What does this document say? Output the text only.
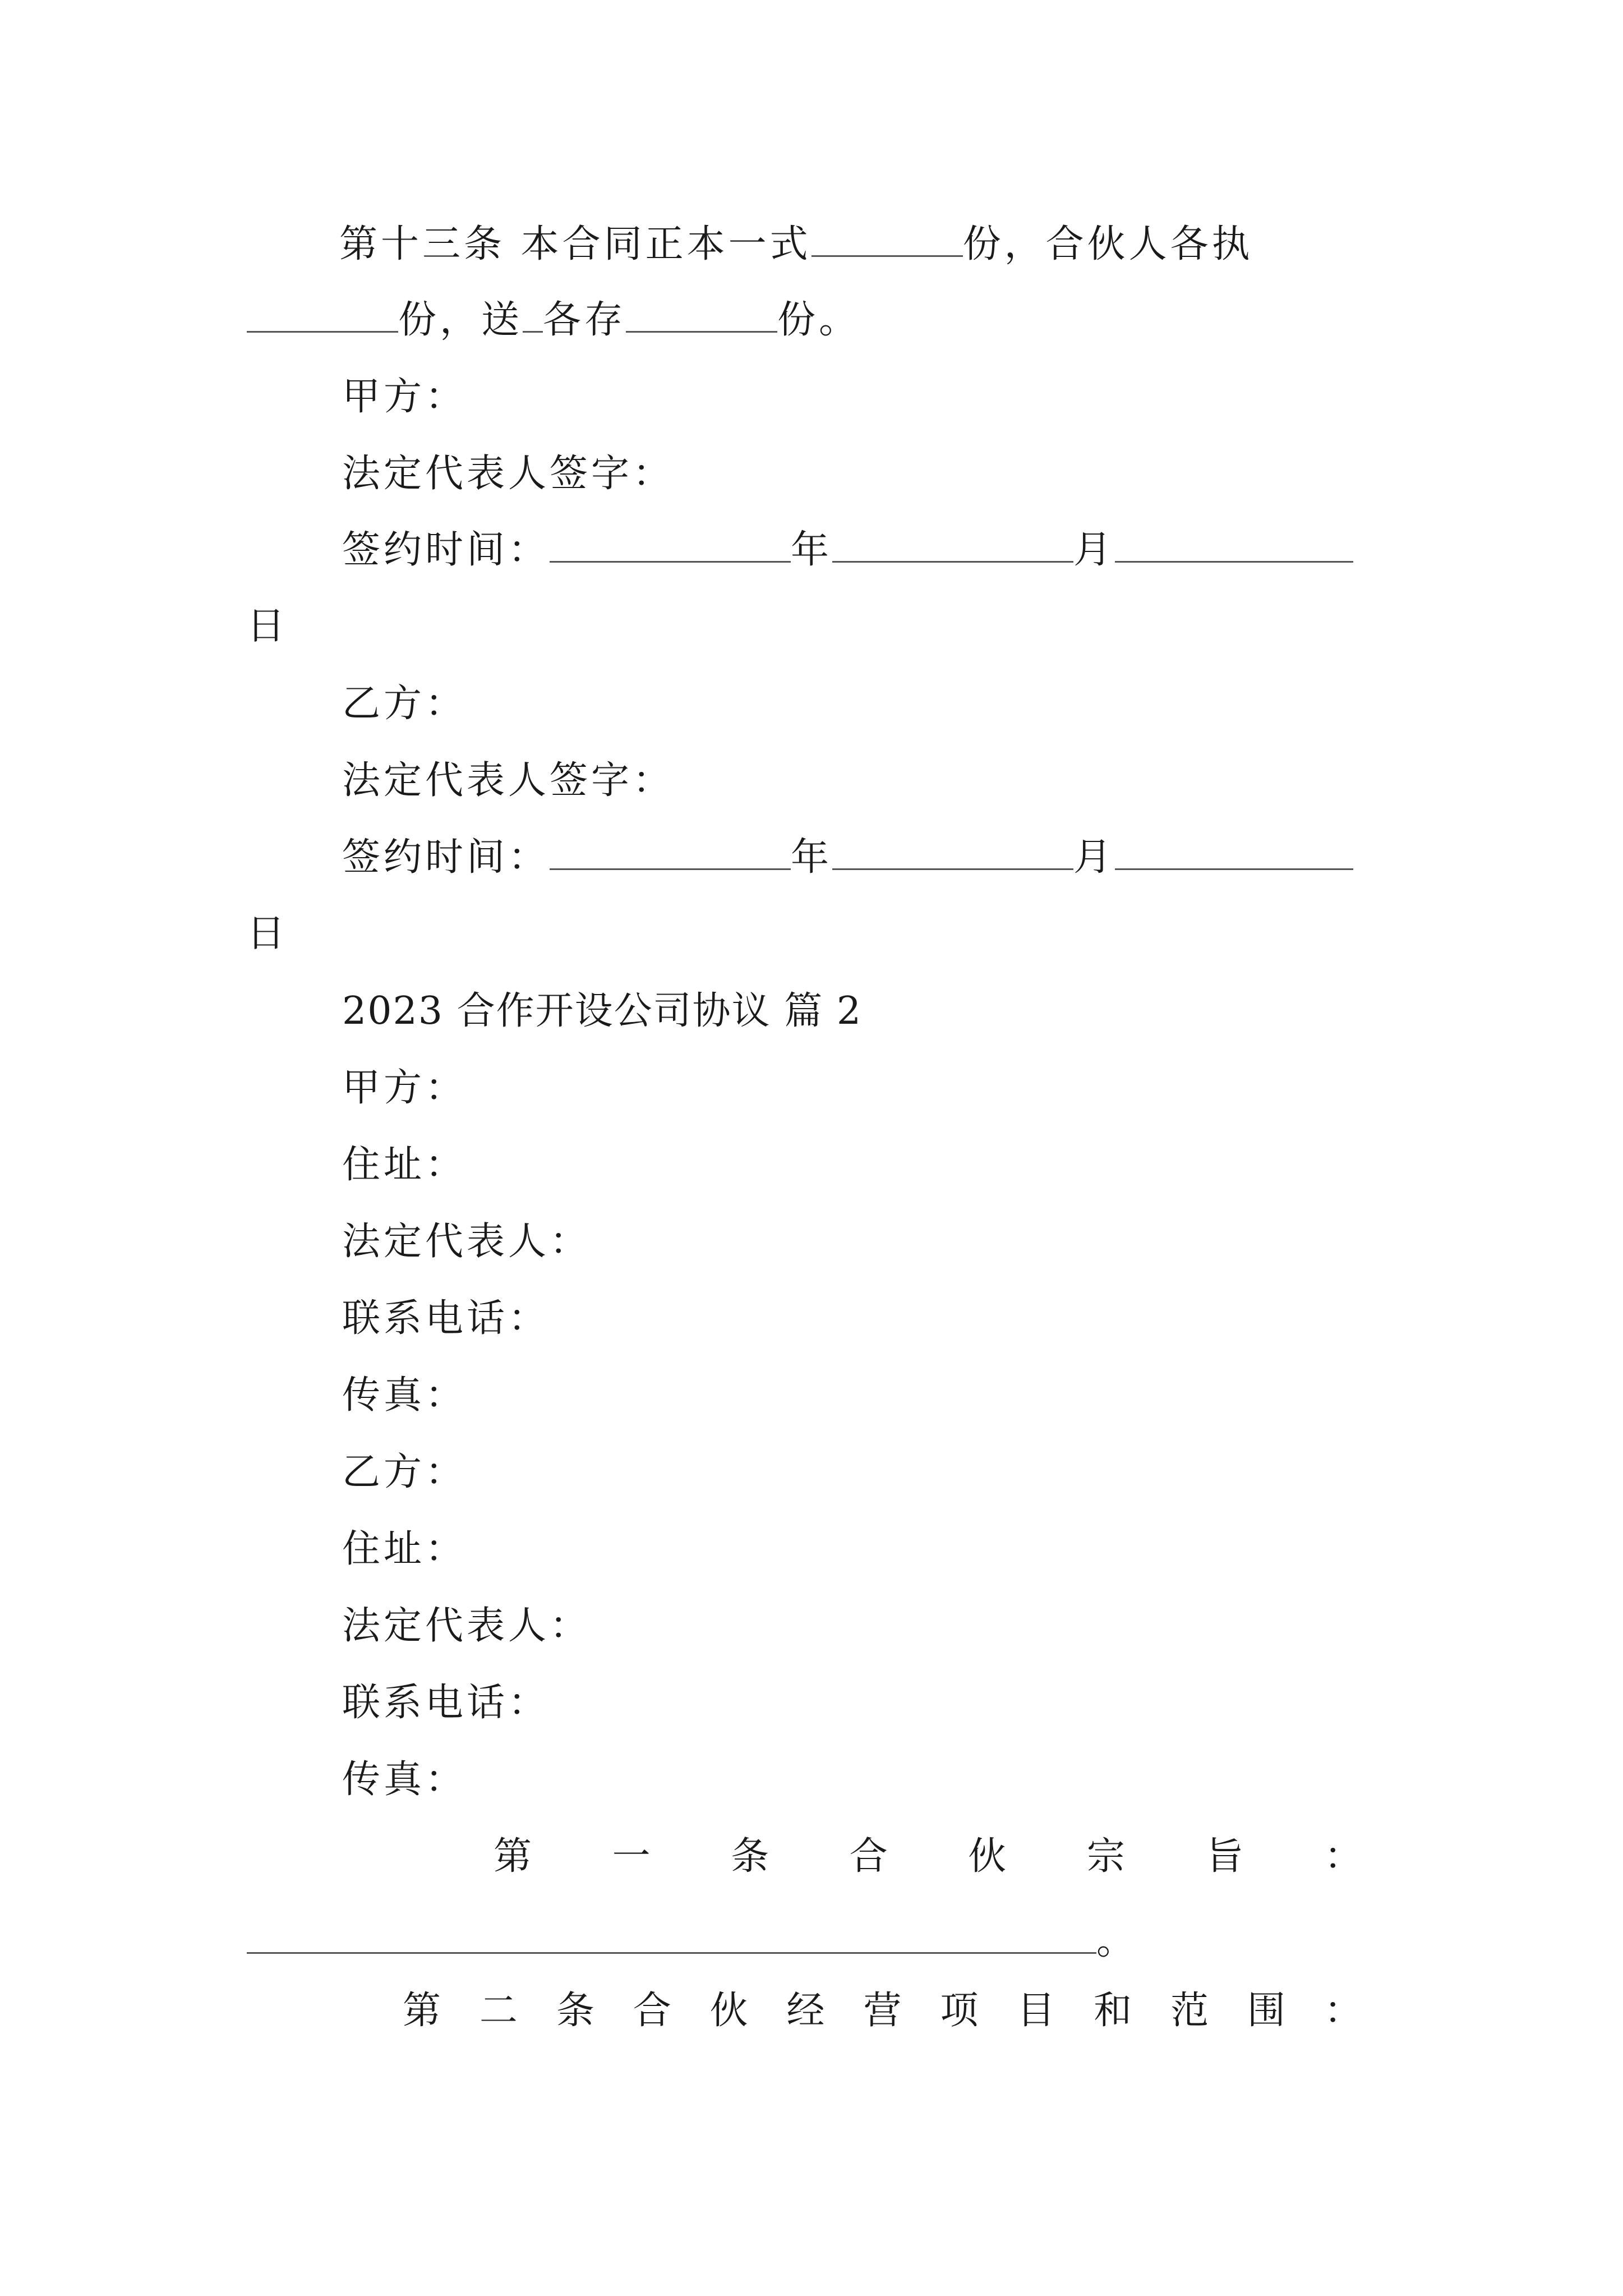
第十三条 本合同正本一式	份，合伙人各执
份，送 各存	份。
甲方：
法定代表人签字：
签约时间：	年	月
日
乙方：
法定代表人签字：
签约时间：	年	月
日
2023 合作开设公司协议 篇 2
甲方：
住址：
法定代表人：
联系电话：
传真：
乙方：
住址：
法定代表人：
联系电话：
传真：
第 一 条 合 伙 宗 旨 ：
。
第 二 条 合 伙 经 营 项 目 和 范 围 ：
